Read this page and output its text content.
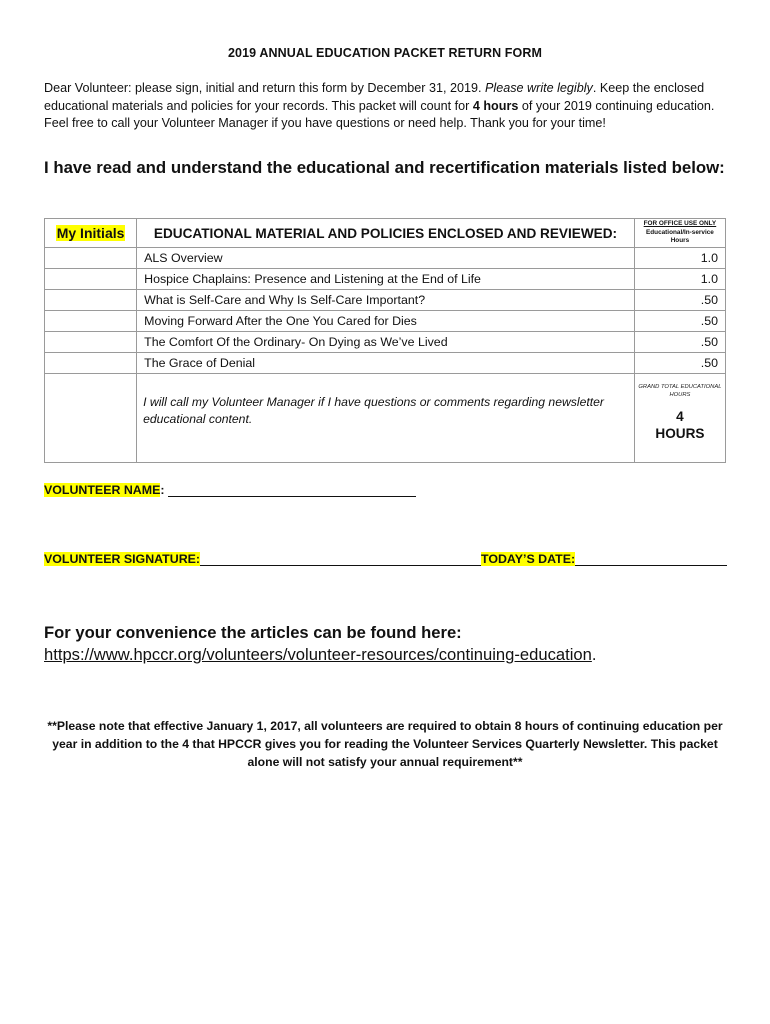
2019 ANNUAL EDUCATION PACKET RETURN FORM
Dear Volunteer: please sign, initial and return this form by December 31, 2019. Please write legibly. Keep the enclosed educational materials and policies for your records. This packet will count for 4 hours of your 2019 continuing education. Feel free to call your Volunteer Manager if you have questions or need help. Thank you for your time!
I have read and understand the educational and recertification materials listed below:
My Initials	EDUCATIONAL MATERIAL AND POLICIES ENCLOSED AND REVIEWED:	FOR OFFICE USE ONLY
Educational/In-service
Hours

	ALS Overview	1.0
	Hospice Chaplains: Presence and Listening at the End of Life	1.0
	What is Self-Care and Why Is Self-Care Important?	.50
	Moving Forward After the One You Cared for Dies	.50
	The Comfort Of the Ordinary- On Dying as We’ve Lived	.50
	The Grace of Denial	.50
	I will call my Volunteer Manager if I have questions or comments regarding newsletter educational content.	GRAND TOTAL EDUCATIONAL HOURS
4
HOURS
VOLUNTEER NAME:
VOLUNTEER SIGNATURE:	TODAY’S DATE:
For your convenience the articles can be found here:
https://www.hpccr.org/volunteers/volunteer-resources/continuing-education.
**Please note that effective January 1, 2017, all volunteers are required to obtain 8 hours of continuing education per year in addition to the 4 that HPCCR gives you for reading the Volunteer Services Quarterly Newsletter. This packet alone will not satisfy your annual requirement**
